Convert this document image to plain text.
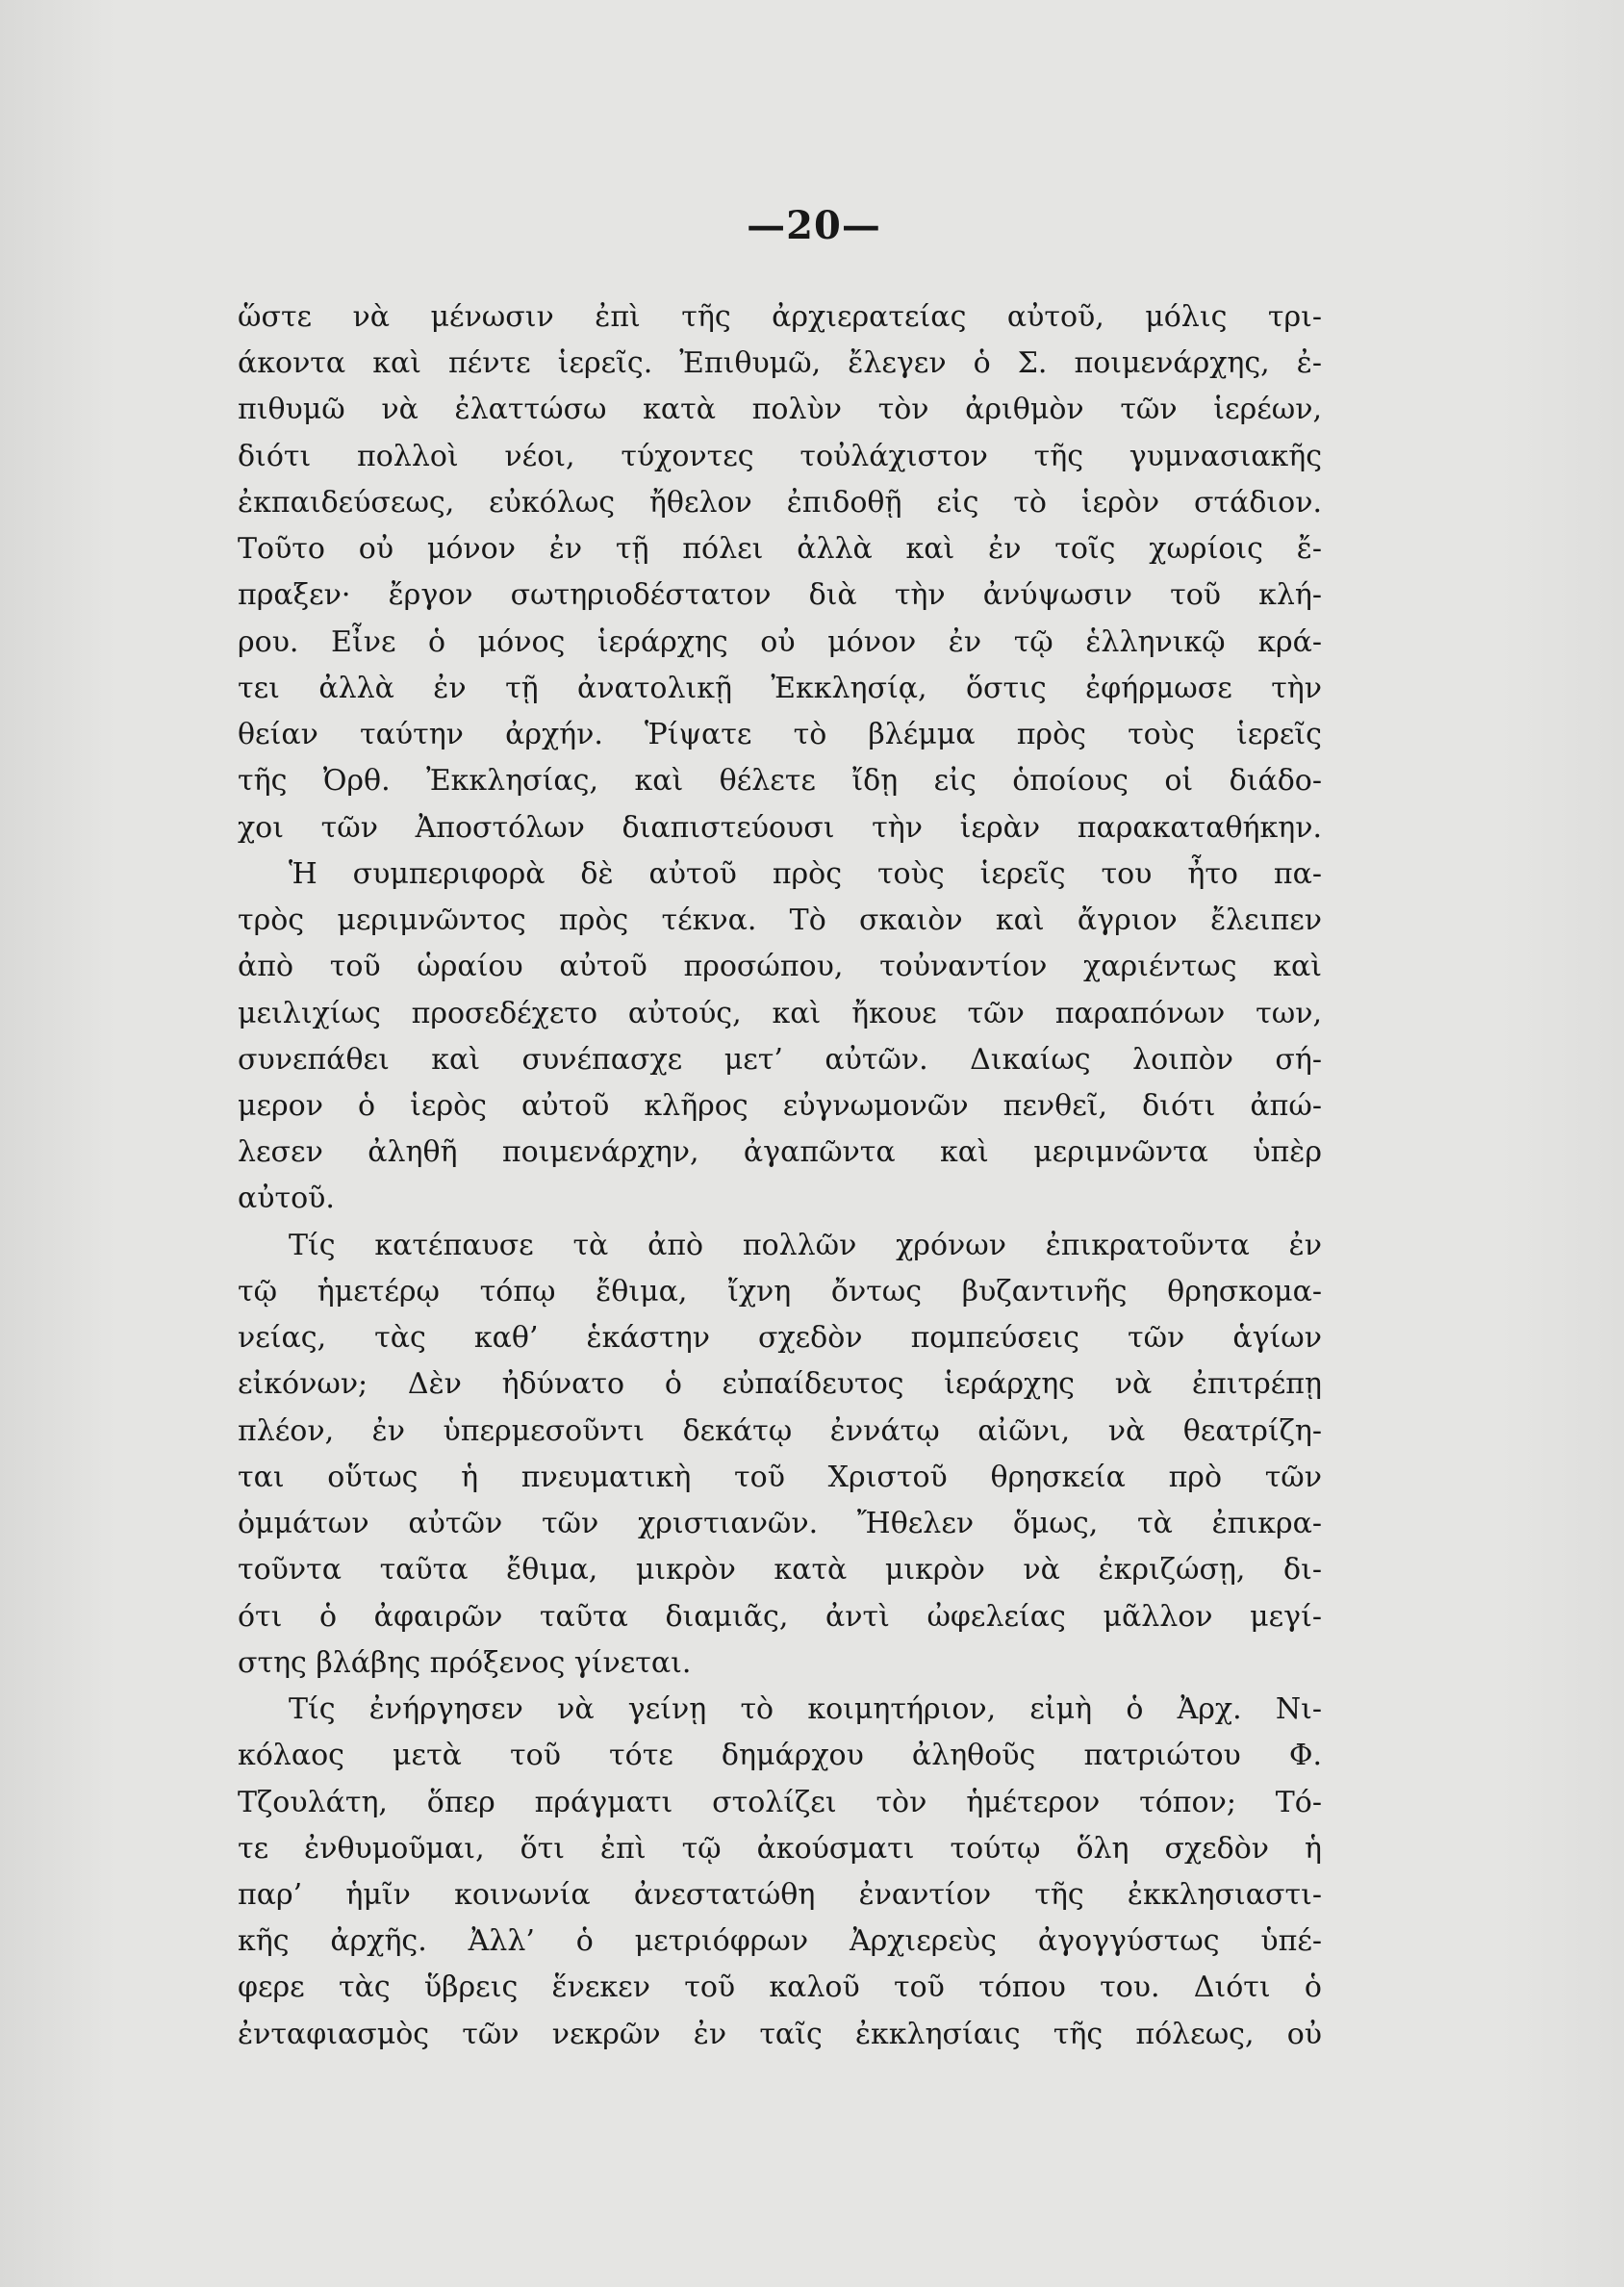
—20—
ὥστε νὰ μένωσιν ἐπὶ τῆς ἀρχιερατείας αὐτοῦ, μόλις τρι-
άκοντα καὶ πέντε ἱερεῖς. Ἐπιθυμῶ, ἔλεγεν ὁ Σ. ποιμενάρχης, ἐ-
πιθυμῶ νὰ ἐλαττώσω κατὰ πολὺν τὸν ἀριθμὸν τῶν ἱερέων,
διότι πολλοὶ νέοι, τύχοντες τοὐλάχιστον τῆς γυμνασιακῆς
ἐκπαιδεύσεως, εὐκόλως ἤθελον ἐπιδοθῇ εἰς τὸ ἱερὸν στάδιον.
Τοῦτο οὐ μόνον ἐν τῇ πόλει ἀλλὰ καὶ ἐν τοῖς χωρίοις ἔ-
πραξεν· ἔργον σωτηριοδέστατον διὰ τὴν ἀνύψωσιν τοῦ κλή-
ρου. Εἶνε ὁ μόνος ἱεράρχης οὐ μόνον ἐν τῷ ἑλληνικῷ κρά-
τει ἀλλὰ ἐν τῇ ἀνατολικῇ Ἐκκλησίᾳ, ὅστις ἐφήρμωσε τὴν
θείαν ταύτην ἀρχήν. Ῥίψατε τὸ βλέμμα πρὸς τοὺς ἱερεῖς
τῆς Ὀρθ. Ἐκκλησίας, καὶ θέλετε ἴδῃ εἰς ὁποίους οἱ διάδο-
χοι τῶν Ἀποστόλων διαπιστεύουσι τὴν ἱερὰν παρακαταθήκην.
Ἡ συμπεριφορὰ δὲ αὐτοῦ πρὸς τοὺς ἱερεῖς του ἦτο πα-
τρὸς μεριμνῶντος πρὸς τέκνα. Τὸ σκαιὸν καὶ ἄγριον ἔλειπεν
ἀπὸ τοῦ ὡραίου αὐτοῦ προσώπου, τοὐναντίον χαριέντως καὶ
μειλιχίως προσεδέχετο αὐτούς, καὶ ἤκουε τῶν παραπόνων των,
συνεπάθει καὶ συνέπασχε μετ’ αὐτῶν. Δικαίως λοιπὸν σή-
μερον ὁ ἱερὸς αὐτοῦ κλῆρος εὐγνωμονῶν πενθεῖ, διότι ἀπώ-
λεσεν ἀληθῆ ποιμενάρχην, ἀγαπῶντα καὶ μεριμνῶντα ὑπὲρ
αὐτοῦ.
Τίς κατέπαυσε τὰ ἀπὸ πολλῶν χρόνων ἐπικρατοῦντα ἐν
τῷ ἡμετέρῳ τόπῳ ἔθιμα, ἴχνη ὄντως βυζαντινῆς θρησκομα-
νείας, τὰς καθ’ ἑκάστην σχεδὸν πομπεύσεις τῶν ἁγίων
εἰκόνων; Δὲν ἠδύνατο ὁ εὐπαίδευτος ἱεράρχης νὰ ἐπιτρέπῃ
πλέον, ἐν ὑπερμεσοῦντι δεκάτῳ ἐννάτῳ αἰῶνι, νὰ θεατρίζη-
ται οὕτως ἡ πνευματικὴ τοῦ Χριστοῦ θρησκεία πρὸ τῶν
ὀμμάτων αὐτῶν τῶν χριστιανῶν. Ἤθελεν ὅμως, τὰ ἐπικρα-
τοῦντα ταῦτα ἔθιμα, μικρὸν κατὰ μικρὸν νὰ ἐκριζώσῃ, δι-
ότι ὁ ἀφαιρῶν ταῦτα διαμιᾶς, ἀντὶ ὠφελείας μᾶλλον μεγί-
στης βλάβης πρόξενος γίνεται.
Τίς ἐνήργησεν νὰ γείνῃ τὸ κοιμητήριον, εἰμὴ ὁ Ἀρχ. Νι-
κόλαος μετὰ τοῦ τότε δημάρχου ἀληθοῦς πατριώτου Φ.
Τζουλάτη, ὅπερ πράγματι στολίζει τὸν ἡμέτερον τόπον; Τό-
τε ἐνθυμοῦμαι, ὅτι ἐπὶ τῷ ἀκούσματι τούτῳ ὅλη σχεδὸν ἡ
παρ’ ἡμῖν κοινωνία ἀνεστατώθη ἐναντίον τῆς ἐκκλησιαστι-
κῆς ἀρχῆς. Ἀλλ’ ὁ μετριόφρων Ἀρχιερεὺς ἀγογγύστως ὑπέ-
φερε τὰς ὕβρεις ἕνεκεν τοῦ καλοῦ τοῦ τόπου του. Διότι ὁ
ἐνταφιασμὸς τῶν νεκρῶν ἐν ταῖς ἐκκλησίαις τῆς πόλεως, οὐ
